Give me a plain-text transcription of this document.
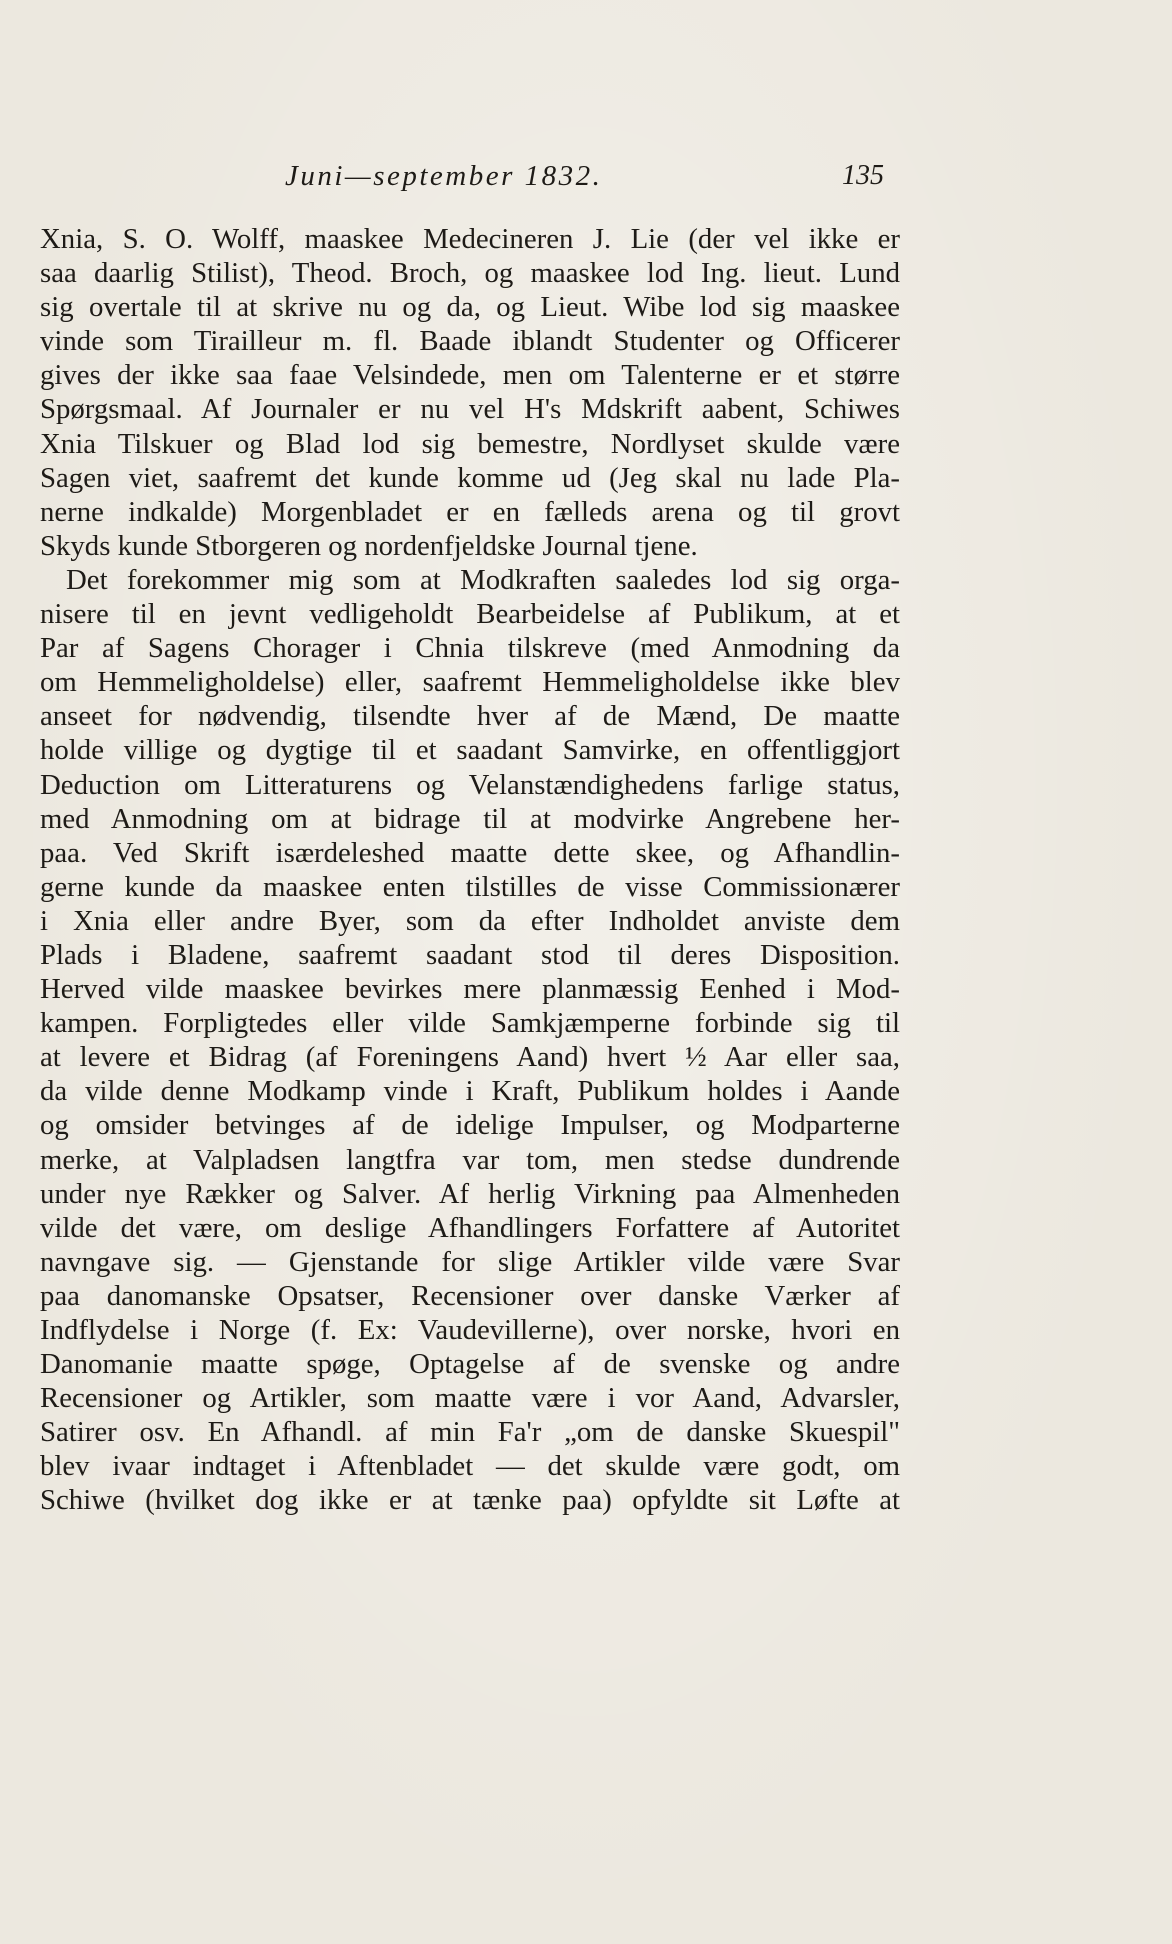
Juni—september 1832.	135
Xnia, S. O. Wolff, maaskee Medecineren J. Lie (der vel ikke er
saa daarlig Stilist), Theod. Broch, og maaskee lod Ing. lieut. Lund
sig overtale til at skrive nu og da, og Lieut. Wibe lod sig maaskee
vinde som Tirailleur m. fl. Baade iblandt Studenter og Officerer
gives der ikke saa faae Velsindede, men om Talenterne er et større
Spørgsmaal. Af Journaler er nu vel H's Mdskrift aabent, Schiwes
Xnia Tilskuer og Blad lod sig bemestre, Nordlyset skulde være
Sagen viet, saafremt det kunde komme ud (Jeg skal nu lade Pla-
nerne indkalde) Morgenbladet er en fælleds arena og til grovt
Skyds kunde Stborgeren og nordenfjeldske Journal tjene.
Det forekommer mig som at Modkraften saaledes lod sig orga-
nisere til en jevnt vedligeholdt Bearbeidelse af Publikum, at et
Par af Sagens Chorager i Chnia tilskreve (med Anmodning da
om Hemmeligholdelse) eller, saafremt Hemmeligholdelse ikke blev
anseet for nødvendig, tilsendte hver af de Mænd, De maatte
holde villige og dygtige til et saadant Samvirke, en offentliggjort
Deduction om Litteraturens og Velanstændighedens farlige status,
med Anmodning om at bidrage til at modvirke Angrebene her-
paa. Ved Skrift isærdeleshed maatte dette skee, og Afhandlin-
gerne kunde da maaskee enten tilstilles de visse Commissionærer
i Xnia eller andre Byer, som da efter Indholdet anviste dem
Plads i Bladene, saafremt saadant stod til deres Disposition.
Herved vilde maaskee bevirkes mere planmæssig Eenhed i Mod-
kampen. Forpligtedes eller vilde Samkjæmperne forbinde sig til
at levere et Bidrag (af Foreningens Aand) hvert ½ Aar eller saa,
da vilde denne Modkamp vinde i Kraft, Publikum holdes i Aande
og omsider betvinges af de idelige Impulser, og Modparterne
merke, at Valpladsen langtfra var tom, men stedse dundrende
under nye Rækker og Salver. Af herlig Virkning paa Almenheden
vilde det være, om deslige Afhandlingers Forfattere af Autoritet
navngave sig. — Gjenstande for slige Artikler vilde være Svar
paa danomanske Opsatser, Recensioner over danske Værker af
Indflydelse i Norge (f. Ex: Vaudevillerne), over norske, hvori en
Danomanie maatte spøge, Optagelse af de svenske og andre
Recensioner og Artikler, som maatte være i vor Aand, Advarsler,
Satirer osv. En Afhandl. af min Fa'r „om de danske Skuespil"
blev ivaar indtaget i Aftenbladet — det skulde være godt, om
Schiwe (hvilket dog ikke er at tænke paa) opfyldte sit Løfte at
